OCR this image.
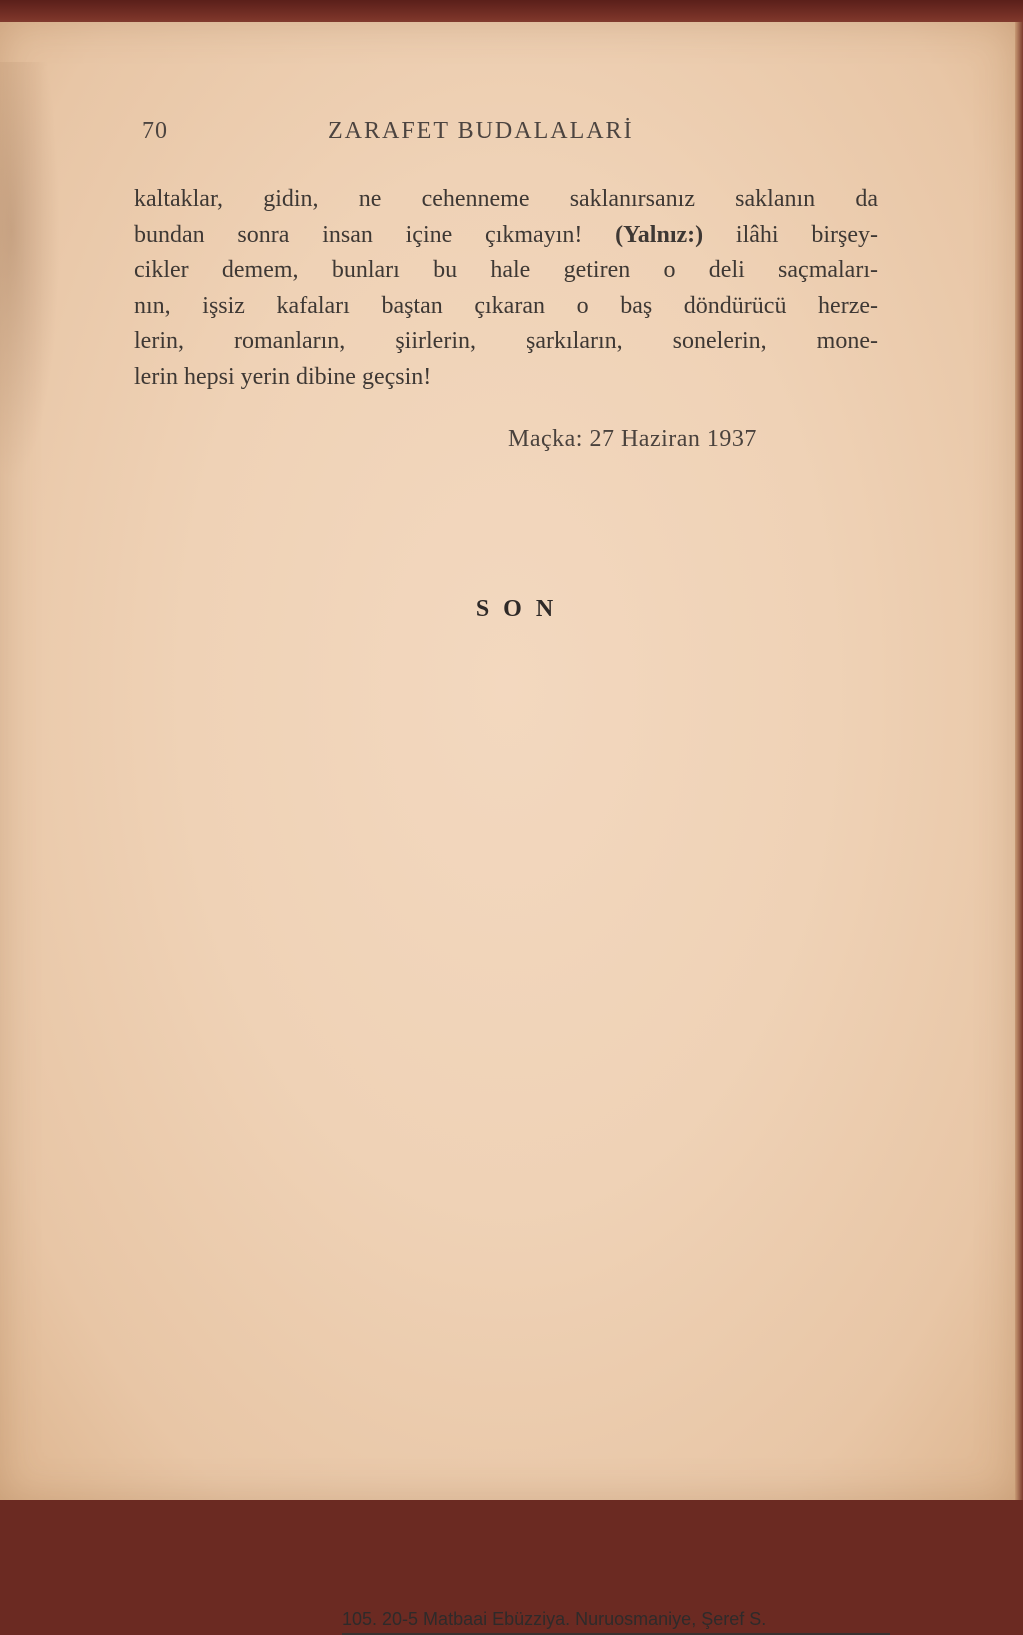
70	ZARAFET BUDALALARİ
kaltaklar, gidin, ne cehenneme saklanırsanız saklanın da
bundan sonra insan içine çıkmayın! (Yalnız:) ilâhi birşey-
cikler demem, bunları bu hale getiren o deli saçmaları-
nın, işsiz kafaları baştan çıkaran o baş döndürücü herze-
lerin, romanların, şiirlerin, şarkıların, sonelerin, mone-
lerin hepsi yerin dibine geçsin!
Maçka: 27 Haziran 1937
SON
105. 20-5 Matbaai Ebüzziya. Nuruosmaniye, Şeref S.
